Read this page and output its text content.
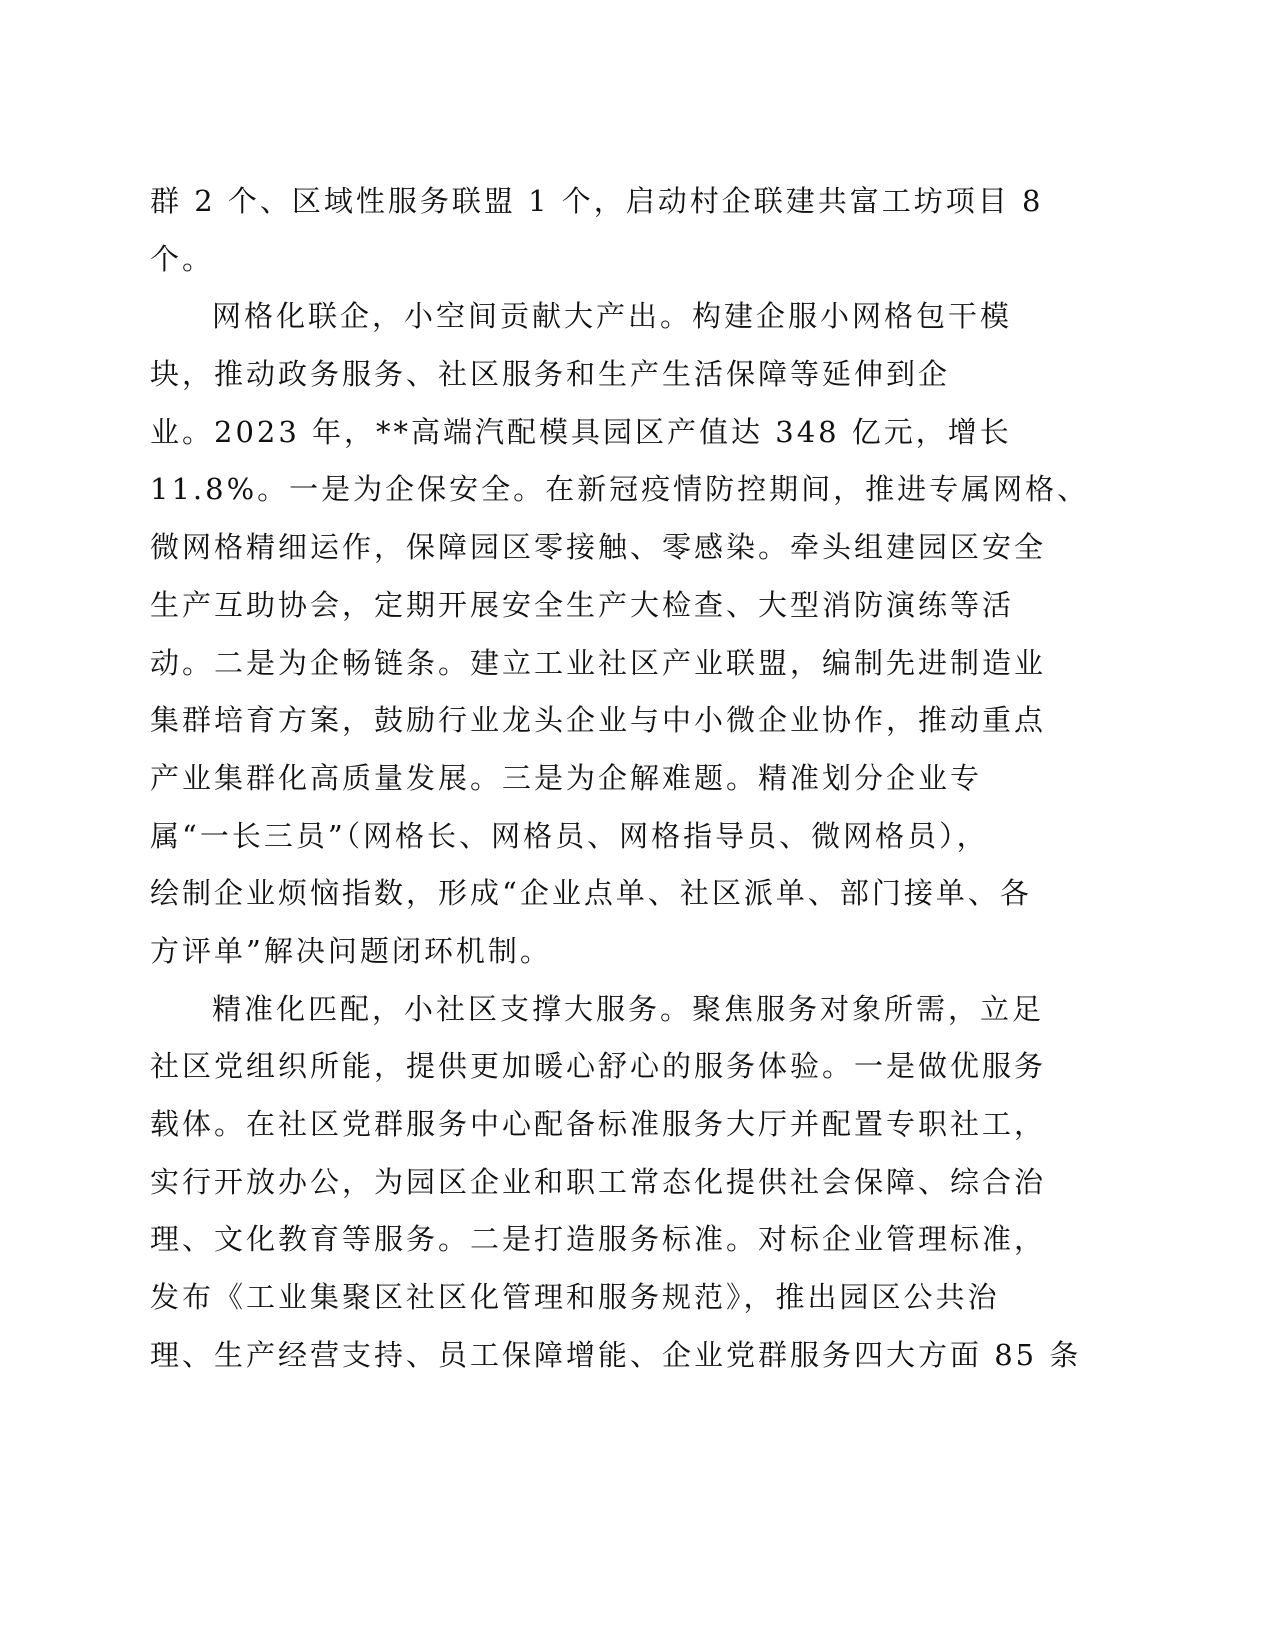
群 2 个、区域性服务联盟 1 个，启动村企联建共富工坊项目 8
个。
网格化联企，小空间贡献大产出。构建企服小网格包干模
块，推动政务服务、社区服务和生产生活保障等延伸到企
业。2023 年，**高端汽配模具园区产值达 348 亿元，增长
11.8%。一是为企保安全。在新冠疫情防控期间，推进专属网格、
微网格精细运作，保障园区零接触、零感染。牵头组建园区安全
生产互助协会，定期开展安全生产大检查、大型消防演练等活
动。二是为企畅链条。建立工业社区产业联盟，编制先进制造业
集群培育方案，鼓励行业龙头企业与中小微企业协作，推动重点
产业集群化高质量发展。三是为企解难题。精准划分企业专
属“一长三员”（网格长、网格员、网格指导员、微网格员），
绘制企业烦恼指数，形成“企业点单、社区派单、部门接单、各
方评单”解决问题闭环机制。
精准化匹配，小社区支撑大服务。聚焦服务对象所需，立足
社区党组织所能，提供更加暖心舒心的服务体验。一是做优服务
载体。在社区党群服务中心配备标准服务大厅并配置专职社工，
实行开放办公，为园区企业和职工常态化提供社会保障、综合治
理、文化教育等服务。二是打造服务标准。对标企业管理标准，
发布《工业集聚区社区化管理和服务规范》，推出园区公共治
理、生产经营支持、员工保障增能、企业党群服务四大方面 85 条
